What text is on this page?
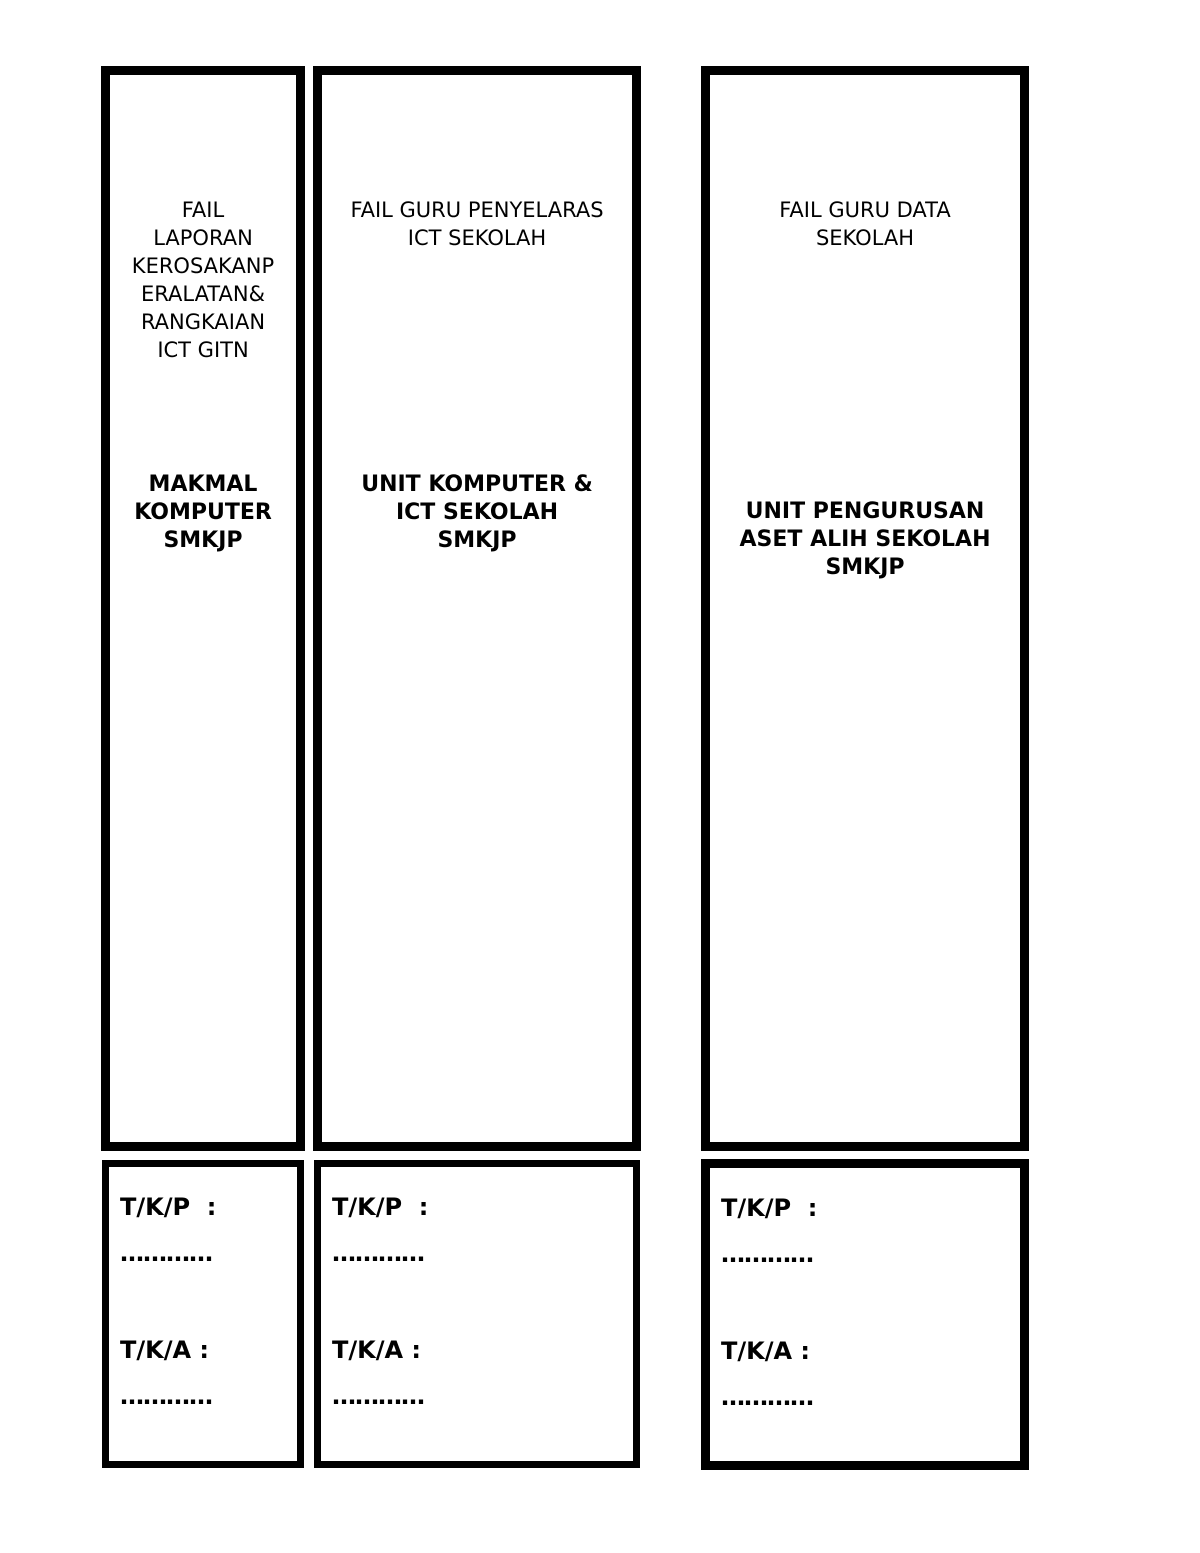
FAIL
LAPORAN
KEROSAKANP
ERALATAN&
RANGKAIAN
ICT GITN
MAKMAL
KOMPUTER
SMKJP
T/K/P  :
…………
T/K/A :
…………
FAIL GURU PENYELARAS
ICT SEKOLAH
UNIT KOMPUTER &
ICT SEKOLAH
SMKJP
T/K/P  :
…………
T/K/A :
…………
FAIL GURU DATA
SEKOLAH
UNIT PENGURUSAN
ASET ALIH SEKOLAH
SMKJP
T/K/P  :
…………
T/K/A :
…………
